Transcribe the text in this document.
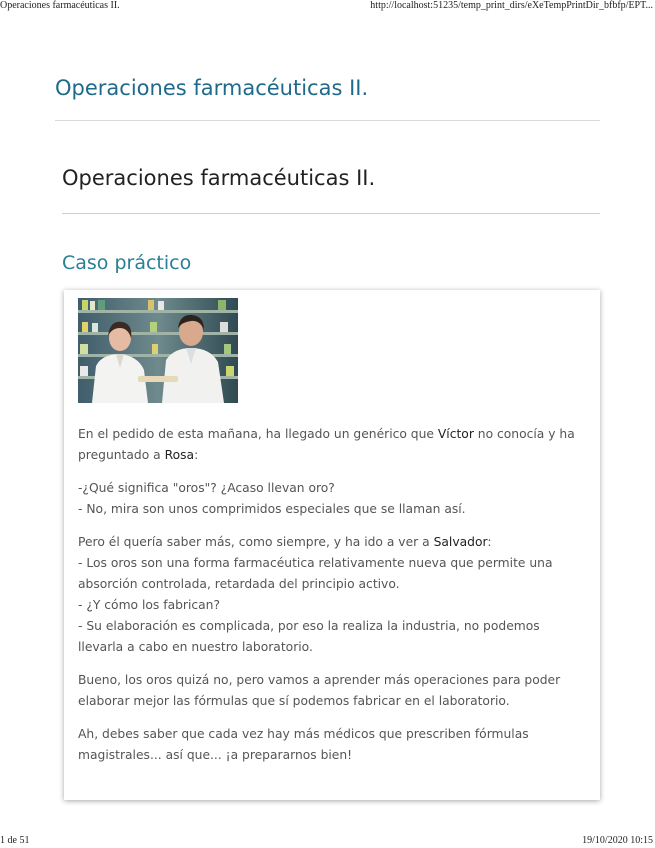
Operaciones farmacéuticas II.	http://localhost:51235/temp_print_dirs/eXeTempPrintDir_bfbfp/EPT...
Operaciones farmacéuticas II.
Operaciones farmacéuticas II.
Caso práctico

En el pedido de esta mañana, ha llegado un genérico que Víctor no conocía y ha preguntado a Rosa:

-¿Qué significa "oros"? ¿Acaso llevan oro?
- No, mira son unos comprimidos especiales que se llaman así.

Pero él quería saber más, como siempre, y ha ido a ver a Salvador:
- Los oros son una forma farmacéutica relativamente nueva que permite una absorción controlada, retardada del principio activo.
- ¿Y cómo los fabrican?
- Su elaboración es complicada, por eso la realiza la industria, no podemos llevarla a cabo en nuestro laboratorio.

Bueno, los oros quizá no, pero vamos a aprender más operaciones para poder elaborar mejor las fórmulas que sí podemos fabricar en el laboratorio.

Ah, debes saber que cada vez hay más médicos que prescriben fórmulas magistrales... así que... ¡a prepararnos bien!

1 de 51	19/10/2020 10:15
